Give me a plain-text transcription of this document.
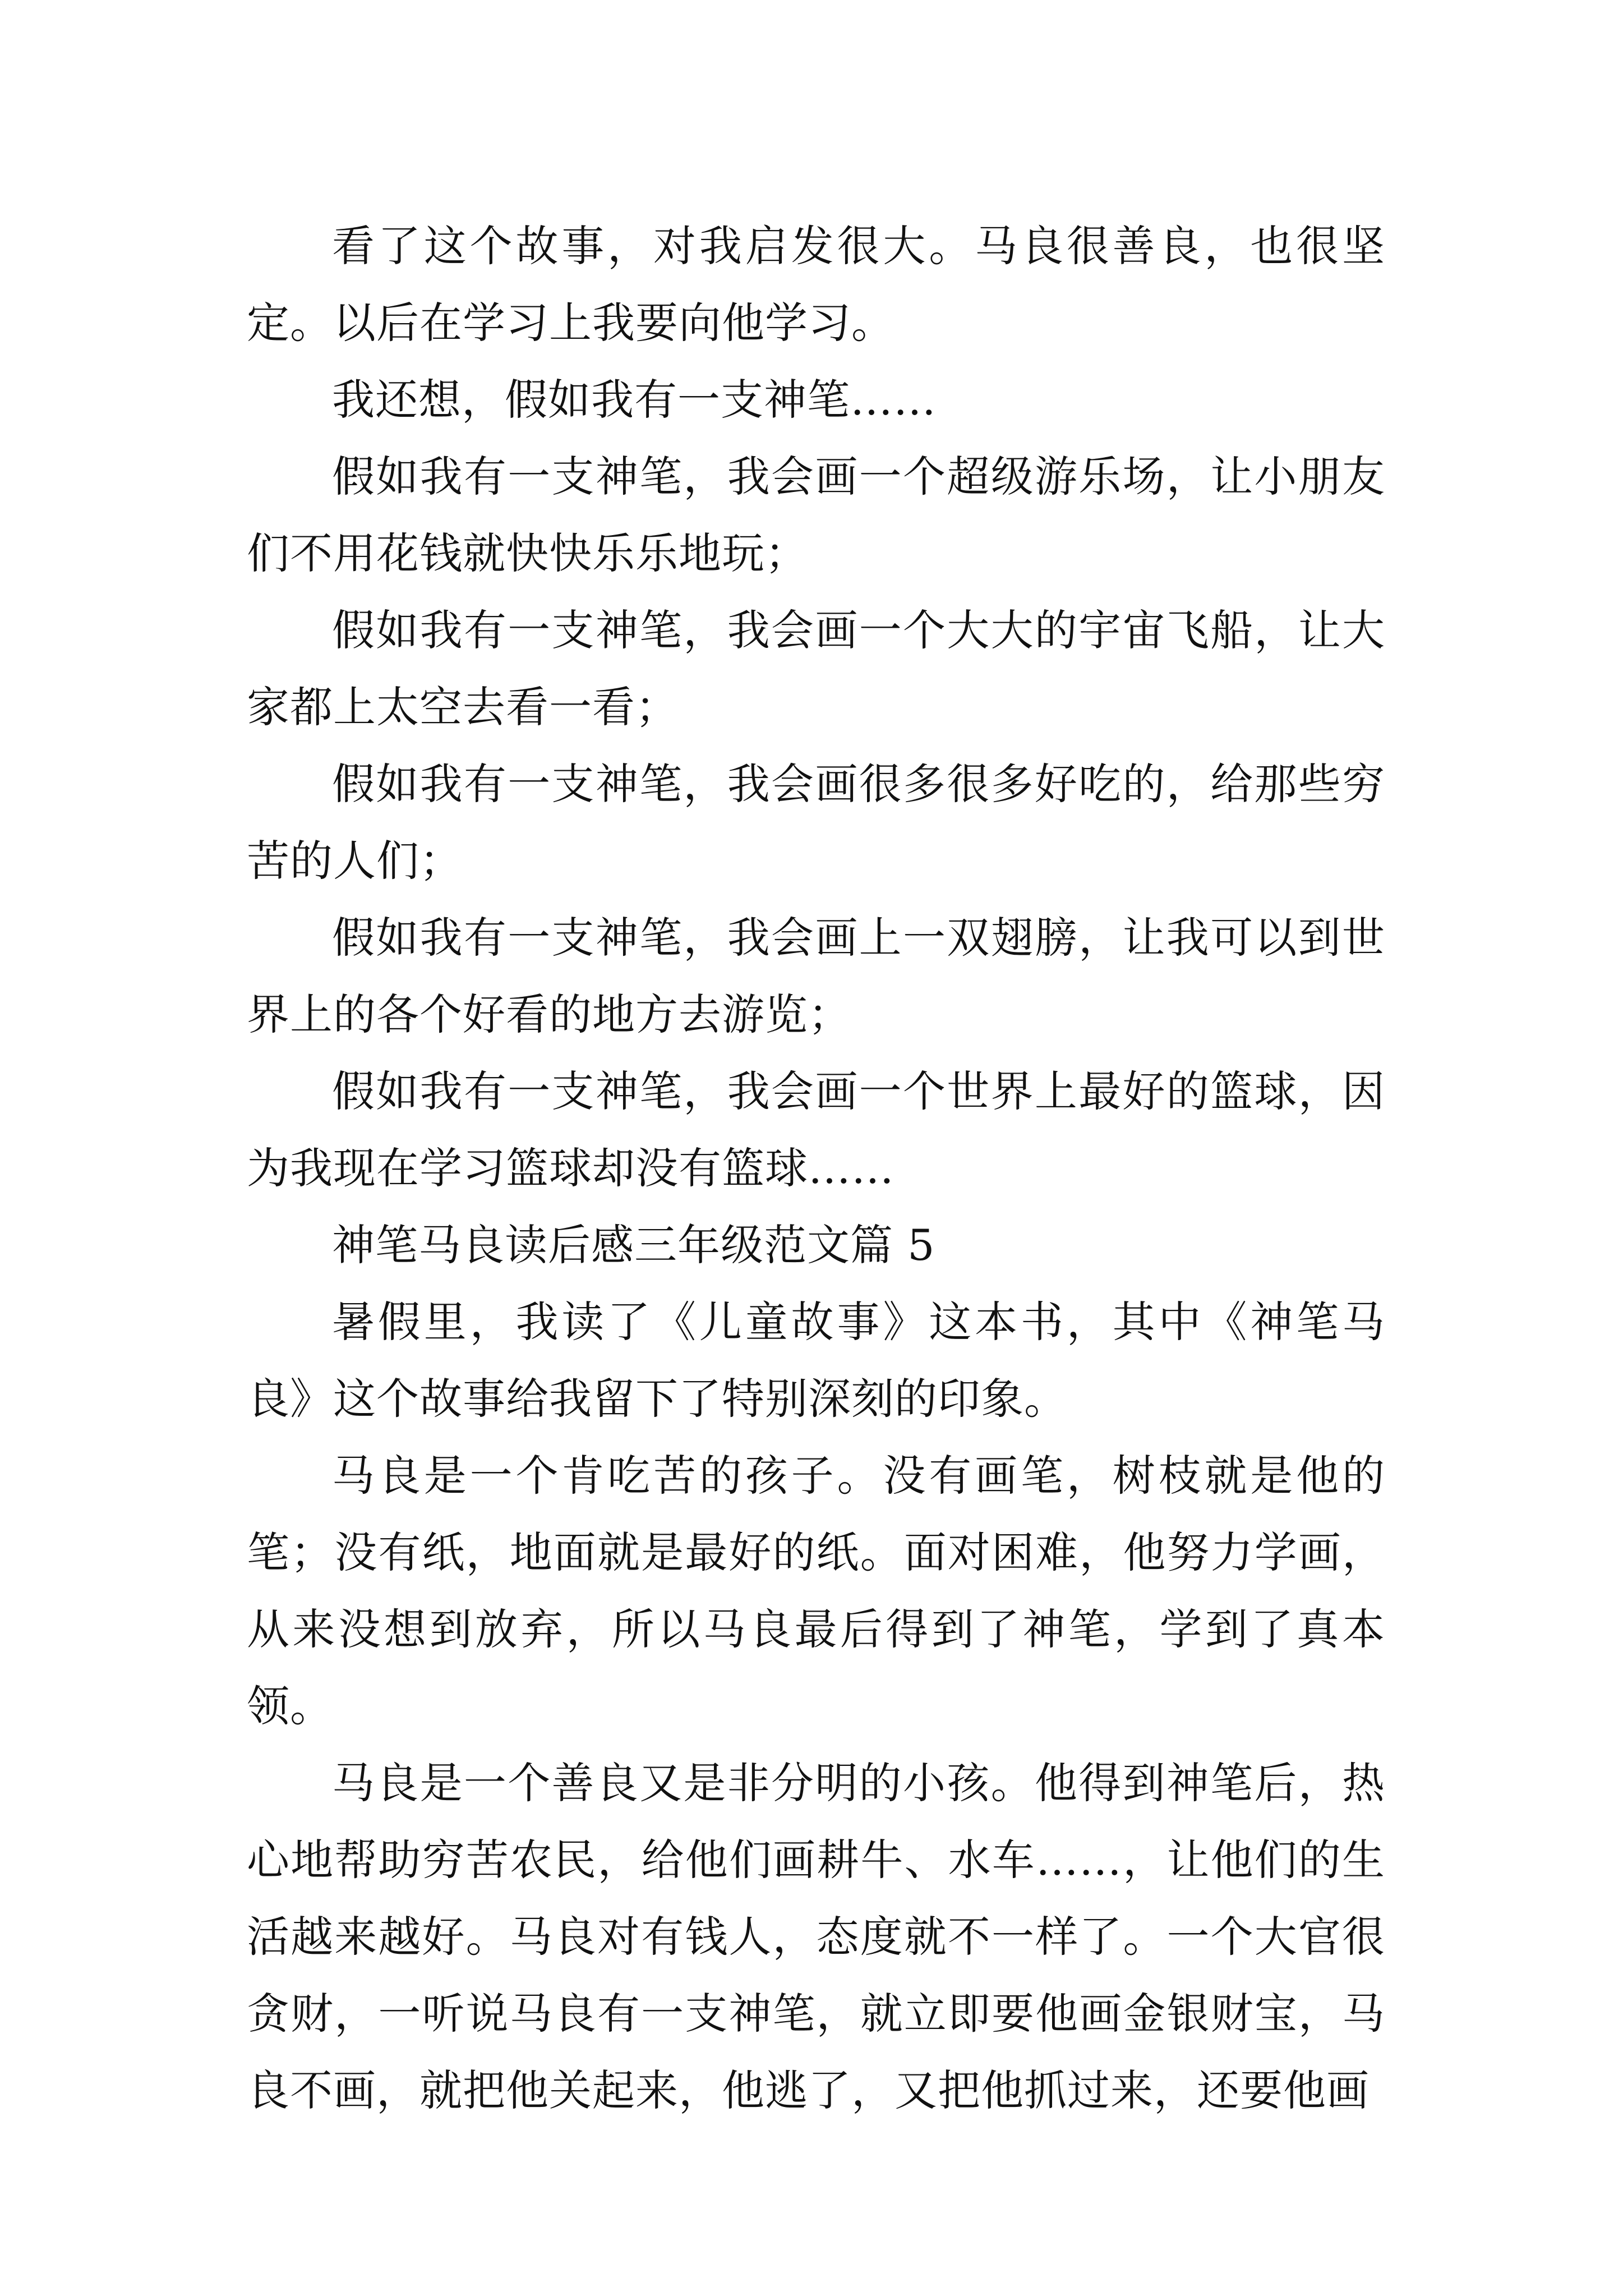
看了这个故事，对我启发很大。马良很善良，也很坚定。以后在学习上我要向他学习。

我还想，假如我有一支神笔……

假如我有一支神笔，我会画一个超级游乐场，让小朋友们不用花钱就快快乐乐地玩；

假如我有一支神笔，我会画一个大大的宇宙飞船，让大家都上太空去看一看；

假如我有一支神笔，我会画很多很多好吃的，给那些穷苦的人们；

假如我有一支神笔，我会画上一双翅膀，让我可以到世界上的各个好看的地方去游览；

假如我有一支神笔，我会画一个世界上最好的篮球，因为我现在学习篮球却没有篮球……

神笔马良读后感三年级范文篇 5

暑假里，我读了《儿童故事》这本书，其中《神笔马良》这个故事给我留下了特别深刻的印象。

马良是一个肯吃苦的孩子。没有画笔，树枝就是他的笔；没有纸，地面就是最好的纸。面对困难，他努力学画，从来没想到放弃，所以马良最后得到了神笔，学到了真本领。

马良是一个善良又是非分明的小孩。他得到神笔后，热心地帮助穷苦农民，给他们画耕牛、水车……，让他们的生活越来越好。马良对有钱人，态度就不一样了。一个大官很贪财，一听说马良有一支神笔，就立即要他画金银财宝，马良不画，就把他关起来，他逃了，又把他抓过来，还要他画
